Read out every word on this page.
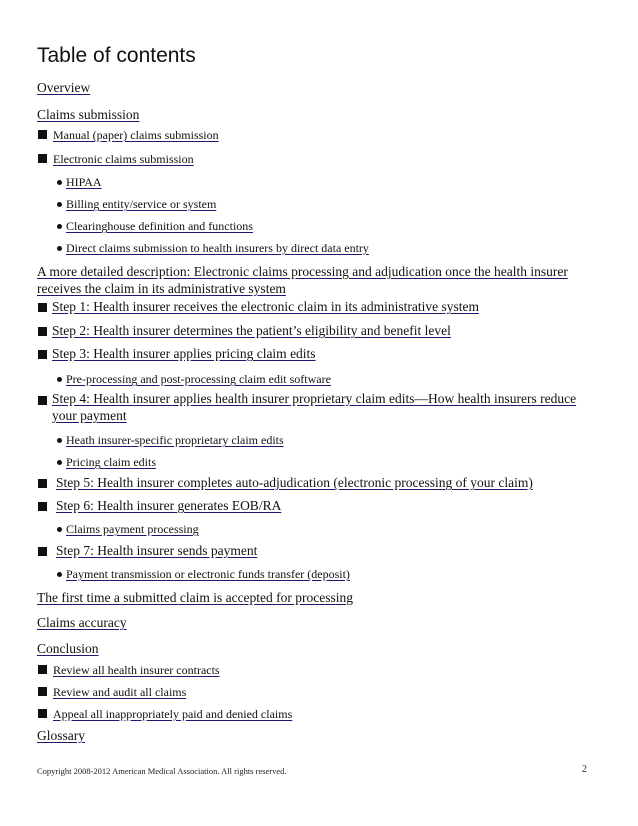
Table of contents
Overview
Claims submission
Manual (paper) claims submission
Electronic claims submission
HIPAA
Billing entity/service or system
Clearinghouse definition and functions
Direct claims submission to health insurers by direct data entry
A more detailed description: Electronic claims processing and adjudication once the health insurer receives the claim in its administrative system
Step 1: Health insurer receives the electronic claim in its administrative system
Step 2: Health insurer determines the patient’s eligibility and benefit level
Step 3: Health insurer applies pricing claim edits
Pre-processing and post-processing claim edit software
Step 4: Health insurer applies health insurer proprietary claim edits—How health insurers reduce your payment
Heath insurer-specific proprietary claim edits
Pricing claim edits
Step 5: Health insurer completes auto-adjudication (electronic processing of your claim)
Step 6: Health insurer generates EOB/RA
Claims payment processing
Step 7: Health insurer sends payment
Payment transmission or electronic funds transfer (deposit)
The first time a submitted claim is accepted for processing
Claims accuracy
Conclusion
Review all health insurer contracts
Review and audit all claims
Appeal all inappropriately paid and denied claims
Glossary
Copyright 2008-2012 American Medical Association. All rights reserved.	2
